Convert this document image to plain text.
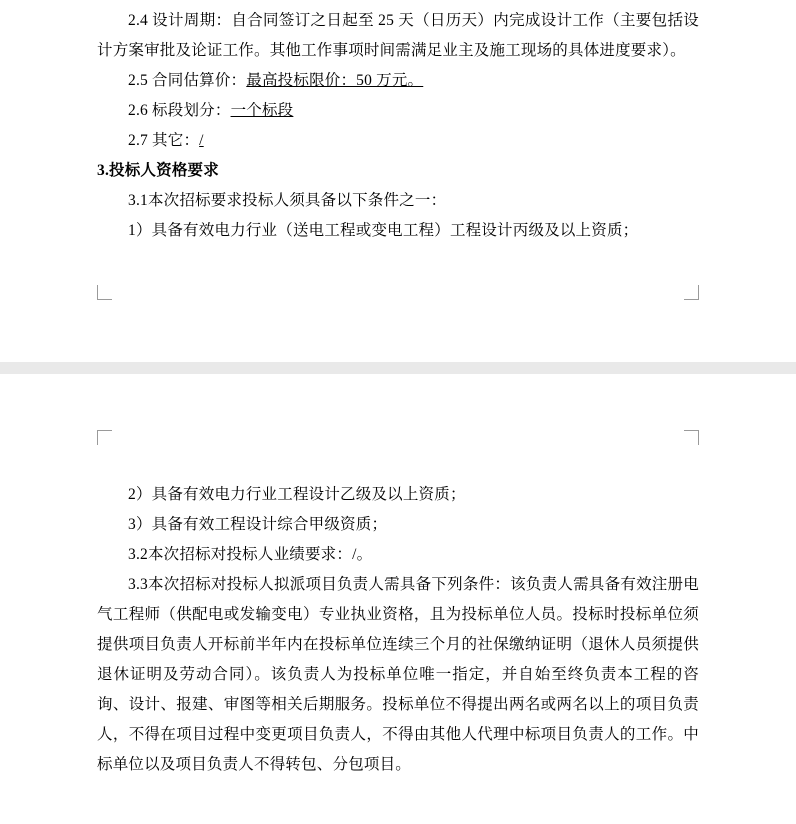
2.4 设计周期：自合同签订之日起至 25 天（日历天）内完成设计工作（主要包括设计方案审批及论证工作。其他工作事项时间需满足业主及施工现场的具体进度要求）。

2.5 合同估算价：最高投标限价：50 万元。

2.6 标段划分：一个标段

2.7 其它：/

3.投标人资格要求

3.1本次招标要求投标人须具备以下条件之一：

1）具备有效电力行业（送电工程或变电工程）工程设计丙级及以上资质；

2）具备有效电力行业工程设计乙级及以上资质；

3）具备有效工程设计综合甲级资质；

3.2本次招标对投标人业绩要求：/。

3.3本次招标对投标人拟派项目负责人需具备下列条件：该负责人需具备有效注册电气工程师（供配电或发输变电）专业执业资格，且为投标单位人员。投标时投标单位须提供项目负责人开标前半年内在投标单位连续三个月的社保缴纳证明（退休人员须提供退休证明及劳动合同）。该负责人为投标单位唯一指定，并自始至终负责本工程的咨询、设计、报建、审图等相关后期服务。投标单位不得提出两名或两名以上的项目负责人，不得在项目过程中变更项目负责人，不得由其他人代理中标项目负责人的工作。中标单位以及项目负责人不得转包、分包项目。
